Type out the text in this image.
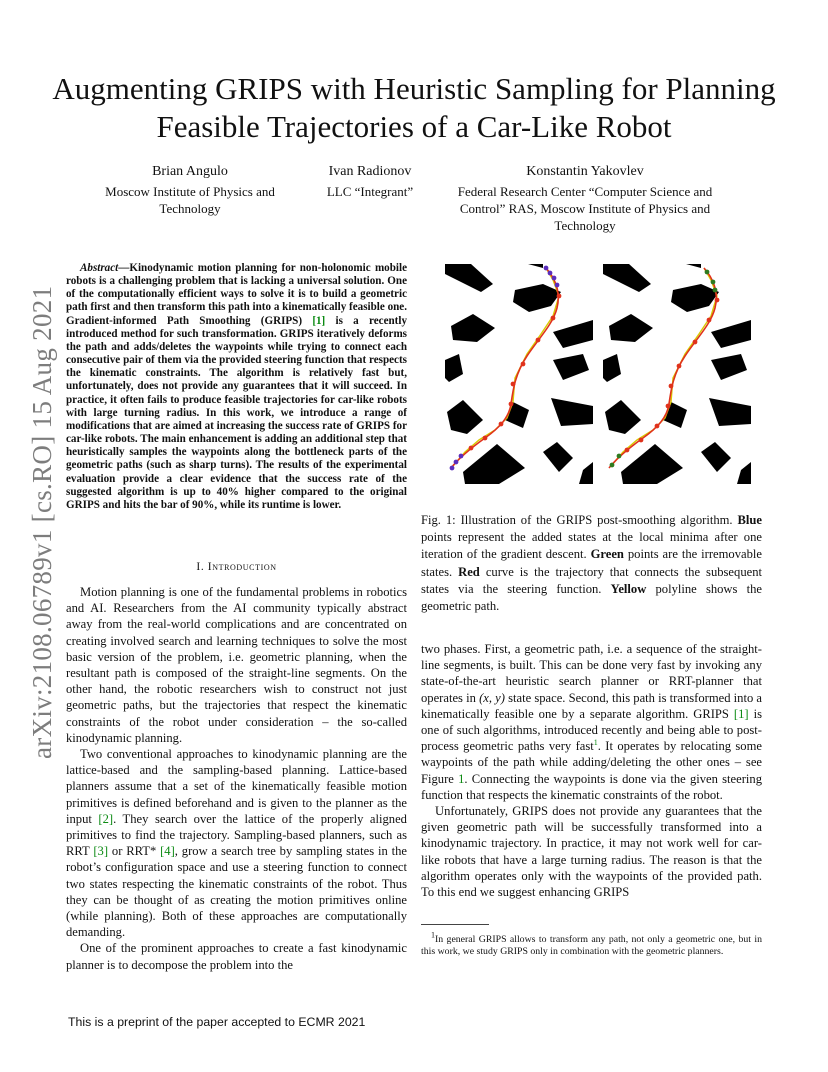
Augmenting GRIPS with Heuristic Sampling for Planning Feasible Trajectories of a Car-Like Robot
Brian Angulo
Moscow Institute of Physics and Technology
Ivan Radionov
LLC “Integrant”
Konstantin Yakovlev
Federal Research Center “Computer Science and Control” RAS, Moscow Institute of Physics and Technology
arXiv:2108.06789v1 [cs.RO] 15 Aug 2021
Abstract—Kinodynamic motion planning for non-holonomic mobile robots is a challenging problem that is lacking a universal solution. One of the computationally efficient ways to solve it is to build a geometric path first and then transform this path into a kinematically feasible one. Gradient-informed Path Smoothing (GRIPS) [1] is a recently introduced method for such transformation. GRIPS iteratively deforms the path and adds/deletes the waypoints while trying to connect each consecutive pair of them via the provided steering function that respects the kinematic constraints. The algorithm is relatively fast but, unfortunately, does not provide any guarantees that it will succeed. In practice, it often fails to produce feasible trajectories for car-like robots with large turning radius. In this work, we introduce a range of modifications that are aimed at increasing the success rate of GRIPS for car-like robots. The main enhancement is adding an additional step that heuristically samples the waypoints along the bottleneck parts of the geometric paths (such as sharp turns). The results of the experimental evaluation provide a clear evidence that the success rate of the suggested algorithm is up to 40% higher compared to the original GRIPS and hits the bar of 90%, while its runtime is lower.
I. Introduction

Motion planning is one of the fundamental problems in robotics and AI. Researchers from the AI community typically abstract away from the real-world complications and are concentrated on creating involved search and learning techniques to solve the most basic version of the problem, i.e. geometric planning, when the resultant path is composed of the straight-line segments. On the other hand, the robotic researchers wish to construct not just geometric paths, but the trajectories that respect the kinematic constraints of the robot under consideration – the so-called kinodynamic planning.

Two conventional approaches to kinodynamic planning are the lattice-based and the sampling-based planning. Lattice-based planners assume that a set of the kinematically feasible motion primitives is defined beforehand and is given to the planner as the input [2]. They search over the lattice of the properly aligned primitives to find the trajectory. Sampling-based planners, such as RRT [3] or RRT* [4], grow a search tree by sampling states in the robot’s configuration space and use a steering function to connect two states respecting the kinematic constraints of the robot. Thus they can be thought of as creating the motion primitives online (while planning). Both of these approaches are computationally demanding.

One of the prominent approaches to create a fast kinodynamic planner is to decompose the problem into the

Fig. 1: Illustration of the GRIPS post-smoothing algorithm. Blue points represent the added states at the local minima after one iteration of the gradient descent. Green points are the irremovable states. Red curve is the trajectory that connects the subsequent states via the steering function. Yellow polyline shows the geometric path.

two phases. First, a geometric path, i.e. a sequence of the straight-line segments, is built. This can be done very fast by invoking any state-of-the-art heuristic search planner or RRT-planner that operates in (x, y) state space. Second, this path is transformed into a kinematically feasible one by a separate algorithm. GRIPS [1] is one of such algorithms, introduced recently and being able to post-process geometric paths very fast$^1$. It operates by relocating some waypoints of the path while adding/deleting the other ones – see Figure 1. Connecting the waypoints is done via the given steering function that respects the kinematic constraints of the robot.

Unfortunately, GRIPS does not provide any guarantees that the given geometric path will be successfully transformed into a kinodynamic trajectory. In practice, it may not work well for car-like robots that have a large turning radius. The reason is that the algorithm operates only with the waypoints of the provided path. To this end we suggest enhancing GRIPS

$^1$In general GRIPS allows to transform any path, not only a geometric one, but in this work, we study GRIPS only in combination with the geometric planners.
This is a preprint of the paper accepted to ECMR 2021
